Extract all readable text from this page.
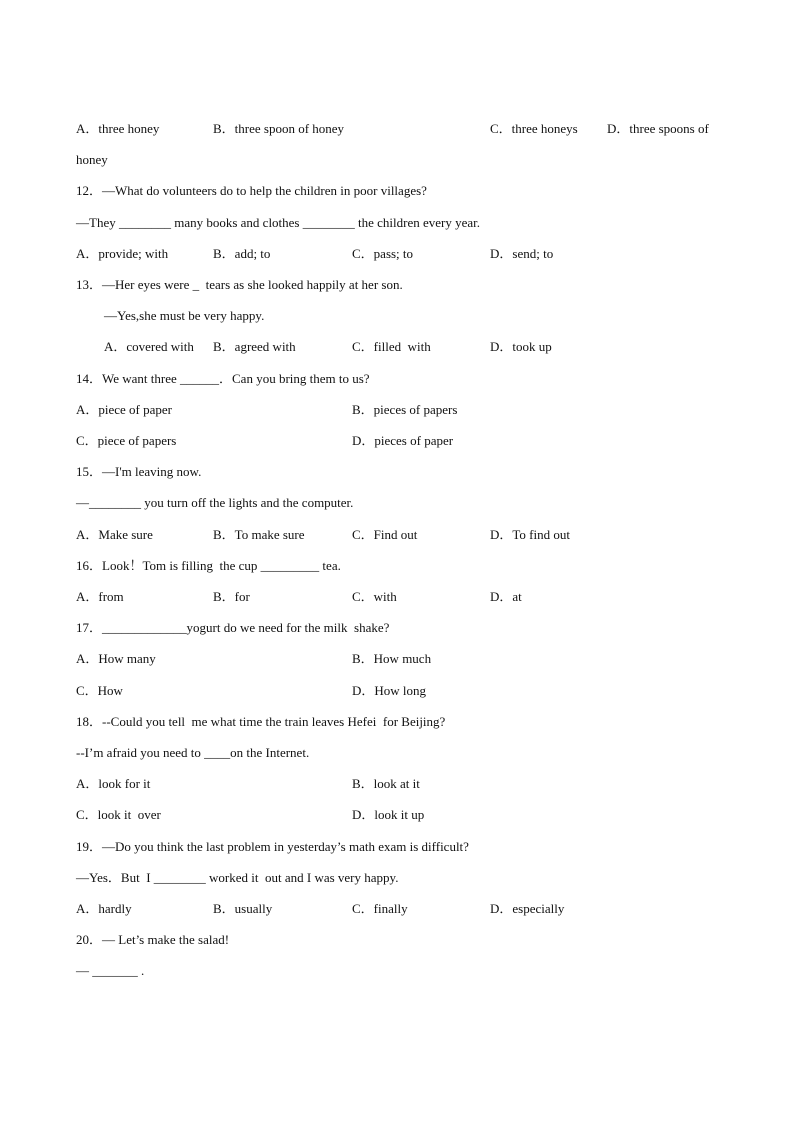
A．three honey	B．three spoon of honey	C．three honeys D．three spoons of
honey
12．—What do volunteers do to help the children in poor villages?
—They ________ many books and clothes ________ the children every year.
A．provide; with	B．add; to	C．pass; to	D．send; to
13．—Her eyes were _  tears as she looked happily at her son.
—Yes,she must be very happy.
A．covered with B．agreed with	C．filled  with	D．took up
14．We want three ______．Can you bring them to us?
A．piece of paper	B．pieces of papers
C．piece of papers	D．pieces of paper
15．—I'm leaving now.
—________ you turn off the lights and the computer.
A．Make sure	B．To make sure	C．Find out	D．To find out
16．Look！Tom is filling  the cup _________ tea.
A．from	B．for	C．with	D．at
17．_____________yogurt do we need for the milk  shake?
A．How many	B．How much
C．How	D．How long
18．--Could you tell  me what time the train leaves Hefei  for Beijing?
--I’m afraid you need to ____on the Internet.
A．look for it	B．look at it
C．look it  over	D．look it up
19．—Do you think the last problem in yesterday’s math exam is difficult?
—Yes．But  I ________ worked it  out and I was very happy.
A．hardly	B．usually	C．finally	D．especially
20．— Let’s make the salad!
— _______ .
